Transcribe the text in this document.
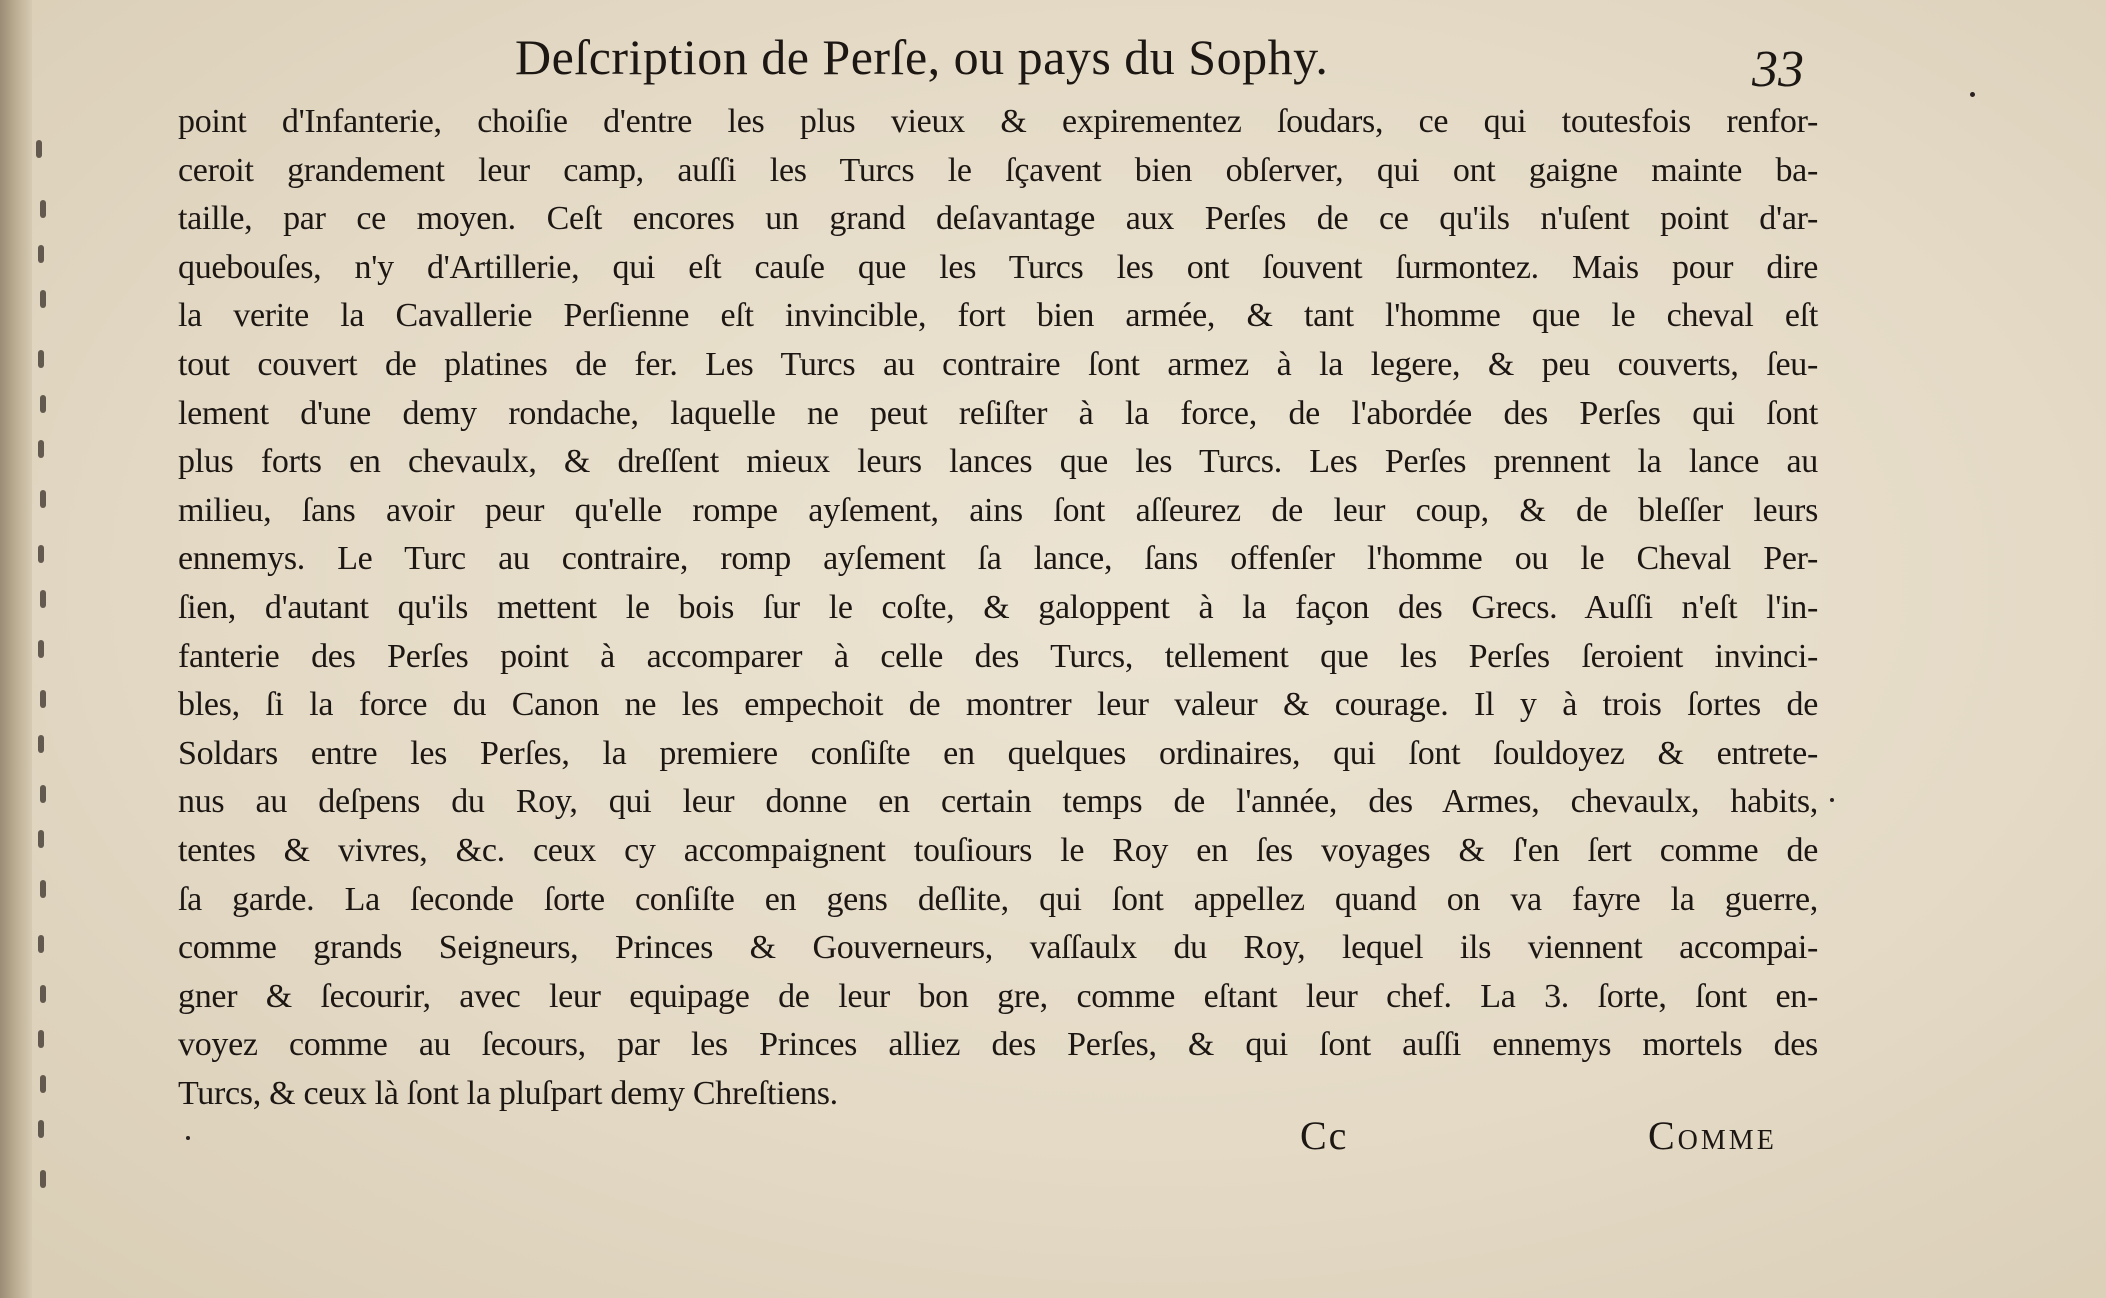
Deſcription de Perſe, ou pays du Sophy.	33
point d'Infanterie, choiſie d'entre les plus vieux & expirementez ſoudars, ce qui toutesfois renfor-
ceroit grandement leur camp, auſſi les Turcs le ſçavent bien obſerver, qui ont gaigne mainte ba-
taille, par ce moyen. Ceſt encores un grand deſavantage aux Perſes de ce qu'ils n'uſent point d'ar-
quebouſes, n'y d'Artillerie, qui eſt cauſe que les Turcs les ont ſouvent ſurmontez. Mais pour dire
la verite la Cavallerie Perſienne eſt invincible, fort bien armée, & tant l'homme que le cheval eſt
tout couvert de platines de fer. Les Turcs au contraire ſont armez à la legere, & peu couverts, ſeu-
lement d'une demy rondache, laquelle ne peut reſiſter à la force, de l'abordée des Perſes qui ſont
plus forts en chevaulx, & dreſſent mieux leurs lances que les Turcs. Les Perſes prennent la lance au
milieu, ſans avoir peur qu'elle rompe ayſement, ains ſont aſſeurez de leur coup, & de bleſſer leurs
ennemys. Le Turc au contraire, romp ayſement ſa lance, ſans offenſer l'homme ou le Cheval Per-
ſien, d'autant qu'ils mettent le bois ſur le coſte, & galoppent à la façon des Grecs. Auſſi n'eſt l'in-
fanterie des Perſes point à accomparer à celle des Turcs, tellement que les Perſes ſeroient invinci-
bles, ſi la force du Canon ne les empechoit de montrer leur valeur & courage. Il y à trois ſortes de
Soldars entre les Perſes, la premiere conſiſte en quelques ordinaires, qui ſont ſouldoyez & entrete-
nus au deſpens du Roy, qui leur donne en certain temps de l'année, des Armes, chevaulx, habits,
tentes & vivres, &c. ceux cy accompaignent touſiours le Roy en ſes voyages & ſ'en ſert comme de
ſa garde. La ſeconde ſorte conſiſte en gens deſlite, qui ſont appellez quand on va fayre la guerre,
comme grands Seigneurs, Princes & Gouverneurs, vaſſaulx du Roy, lequel ils viennent accompai-
gner & ſecourir, avec leur equipage de leur bon gre, comme eſtant leur chef. La 3. ſorte, ſont en-
voyez comme au ſecours, par les Princes alliez des Perſes, & qui ſont auſſi ennemys mortels des
Turcs, & ceux là ſont la pluſpart demy Chreſtiens.
Cc	Comme
